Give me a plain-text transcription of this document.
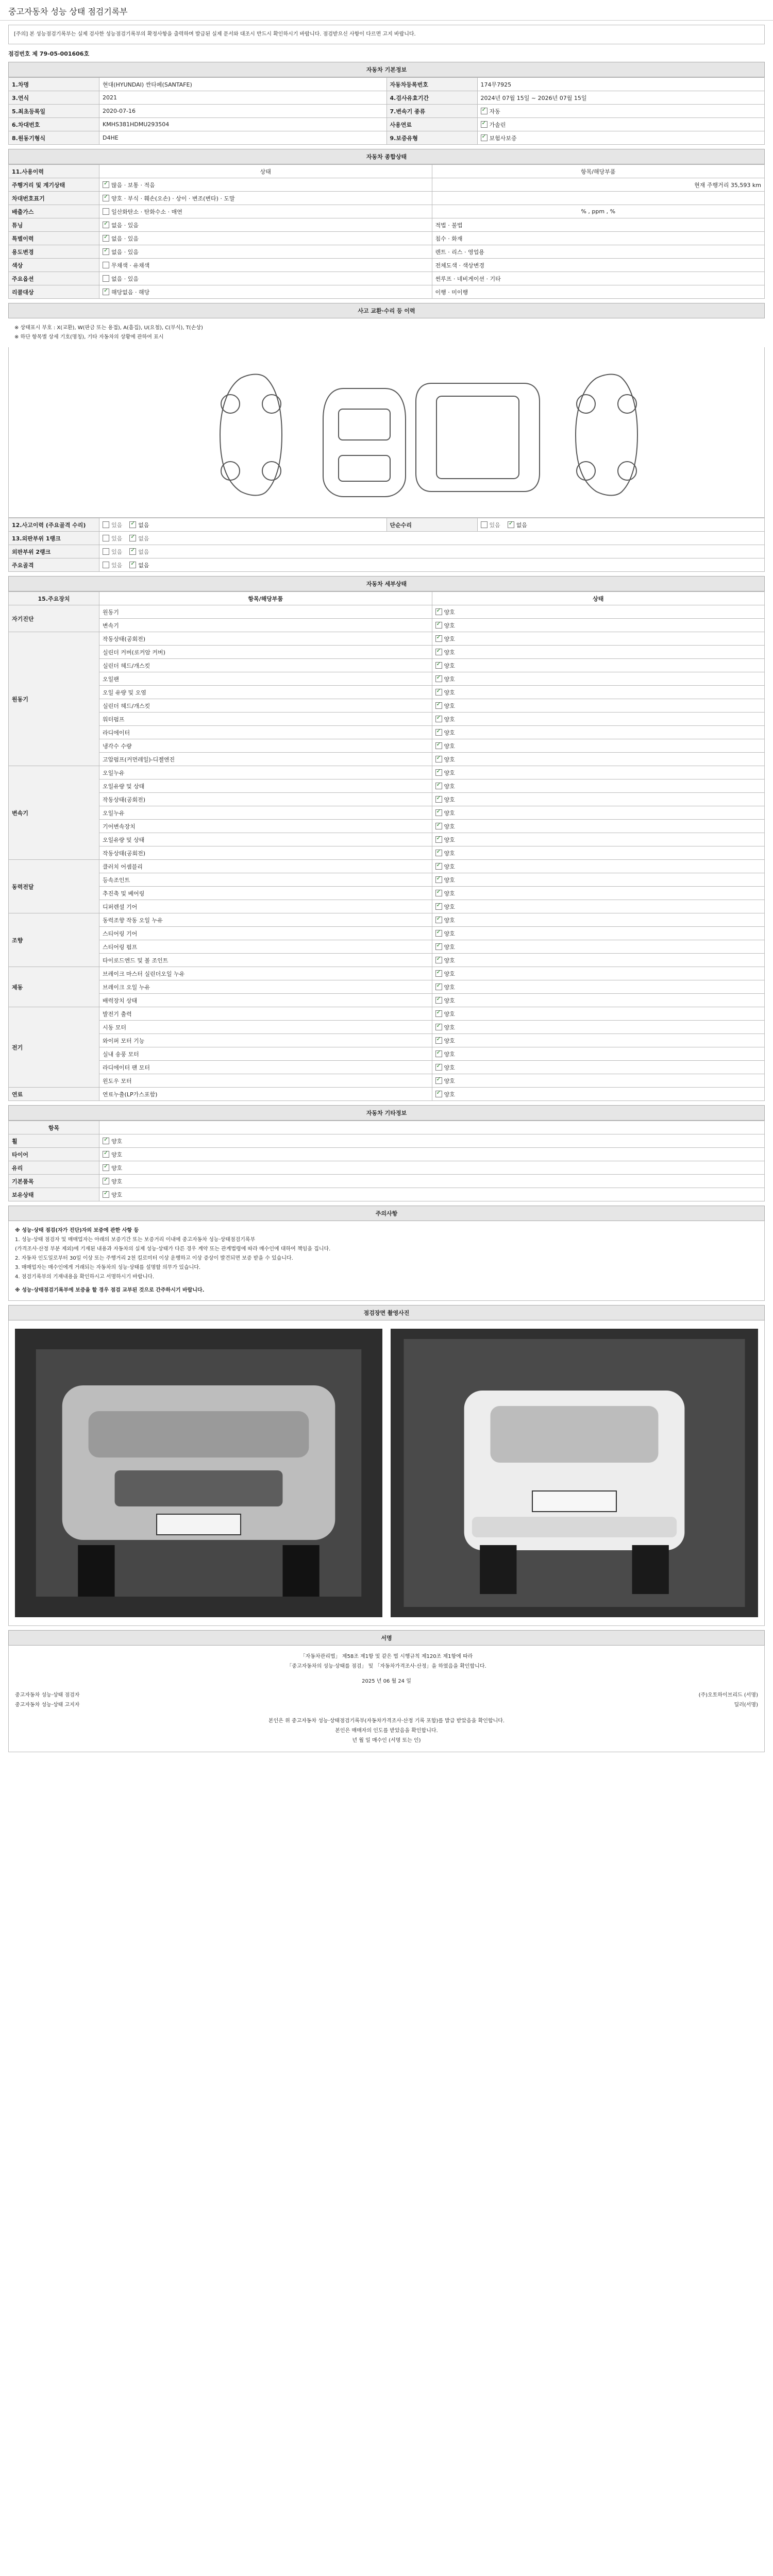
중고자동차 성능 상태 점검기록부
[주의] 본 성능점검기록부는 실제 검사한 성능점검기록부의 확정사항을 출력하며 발급된 실제 문서와 대조시 반드시 확인하시기 바랍니다. 점검받으신 사항이 다르면 고지 바랍니다.
점검번호 제 79-05-001606호
자동차 기본정보
1.차명	현대(HYUNDAI) 싼타페(SANTAFE)	자동차등록번호	174무7925
3.연식	2021	4.검사유효기간	2024년 07월 15일 ~ 2026년 07월 15일
5.최초등록일	2020-07-16	7.변속기 종류	✓자동
6.차대번호	KMHS381HDMU293504	사용연료	✓가솔린
8.원동기형식	D4HE	9.보증유형	✓보험사보증
자동차 종합상태
11.사용이력	상태	항목/해당부품
주행거리 및 계기상태	✓많음 · 보통 · 적음	현재 주행거리 35,593 km
차대번호표기	✓양호 · 부식 · 훼손(오손) · 상이 · 변조(변타) · 도말	
배출가스	일산화탄소 · 탄화수소 · 매연	% , ppm , %
튜닝	✓없음 · 있음	적법 · 불법
특별이력	✓없음 · 있음	침수 · 화재
용도변경	✓없음 · 있음	렌트 · 리스 · 영업용
색상	무채색 · 유채색	전체도색 · 색상변경
주요옵션	없음 · 있음	썬루프 · 네비게이션 · 기타
리콜대상	✓해당없음 · 해당	이행 · 미이행
사고 교환·수리 등 이력
※ 상태표시 부호 : X(교환), W(판금 또는 용접), A(흠집), U(요철), C(부식), T(손상)
※ 하단 항목별 상세 기호(명칭), 기타 자동차의 상황에 관하여 표시
12.사고이력 (주요골격 수리)	있음 ✓ 없음	단순수리	있음 ✓ 없음
13.외판부위 1랭크	있음 ✓ 없음
외판부위 2랭크	있음 ✓ 없음
주요골격	있음 ✓ 없음
자동차 세부상태
15.주요장치	항목/해당부품	상태
자기진단	원동기	✓양호
	변속기	✓양호
원동기	작동상태(공회전)	✓양호
	실린더 커버(로커암 커버)	✓양호
	실린더 헤드/개스킷	✓양호
	오일팬	✓양호
	오일 유량 및 오염	✓양호
	실린더 헤드/개스킷	✓양호
	워터펌프	✓양호
	라디에이터	✓양호
	냉각수 수량	✓양호
	고압펌프(커먼레일)-디젤엔진	✓양호
변속기	오일누유	✓양호
	오일유량 및 상태	✓양호
	작동상태(공회전)	✓양호
	오일누유	✓양호
	기어변속장치	✓양호
	오일유량 및 상태	✓양호
	작동상태(공회전)	✓양호
동력전달	클러치 어셈블리	✓양호
	등속조인트	✓양호
	추진축 및 베어링	✓양호
	디퍼렌셜 기어	✓양호
조향	동력조향 작동 오일 누유	✓양호
	스티어링 기어	✓양호
	스티어링 펌프	✓양호
	타이로드엔드 및 볼 조인트	✓양호
제동	브레이크 마스터 실린더오일 누유	✓양호
	브레이크 오일 누유	✓양호
	배력장치 상태	✓양호
전기	발전기 출력	✓양호
	시동 모터	✓양호
	와이퍼 모터 기능	✓양호
	실내 송풍 모터	✓양호
	라디에이터 팬 모터	✓양호
	윈도우 모터	✓양호
연료	연료누출(LP가스포함)	✓양호
자동차 기타정보
항목	
휠	✓양호
타이어	✓양호
유리	✓양호
기본품목	✓양호
보유상태	✓양호
주의사항
※ 성능·상태 점검(자가 진단)자의 보증에 관한 사항 등
1. 성능·상태 점검자 및 매매업자는 아래의 보증기간 또는 보증거리 이내에 중고자동차 성능·상태점검기록부
(가격조사·산정 부분 제외)에 기재된 내용과 자동차의 실제 성능·상태가 다른 경우 계약 또는 관계법령에 따라 매수인에 대하여 책임을 집니다.
2. 자동차 인도일로부터 30일 이상 또는 주행거리 2천 킬로미터 이상 운행하고 이상 증상이 발견되면 보증 받을 수 있습니다.
3. 매매업자는 매수인에게 거래되는 자동차의 성능·상태를 설명할 의무가 있습니다.
4. 점검기록부의 기재내용을 확인하시고 서명하시기 바랍니다.
※ 성능·상태점검기록부에 보증을 할 경우 점검 교부된 것으로 간주하시기 바랍니다.
점검장면 촬영사진
서명
「자동차관리법」 제58조 제1항 및 같은 법 시행규칙 제120조 제1항에 따라
「중고자동차의 성능·상태를 점검」 및 「자동차가격조사·산정」을 하였음을 확인합니다.
2025 년 06 월 24 일
중고자동차 성능·상태 점검자	(주)오토하이브리드 (서명)
중고자동차 성능·상태 고지자	딜러(서명)
본인은 위 중고자동차 성능·상태점검기록부(자동차가격조사·산정 기록 포함)를 발급 받았음을 확인합니다.
본인은 매매자의 인도를 받았음을 확인합니다.
년 월 일 매수인 (서명 또는 인)
